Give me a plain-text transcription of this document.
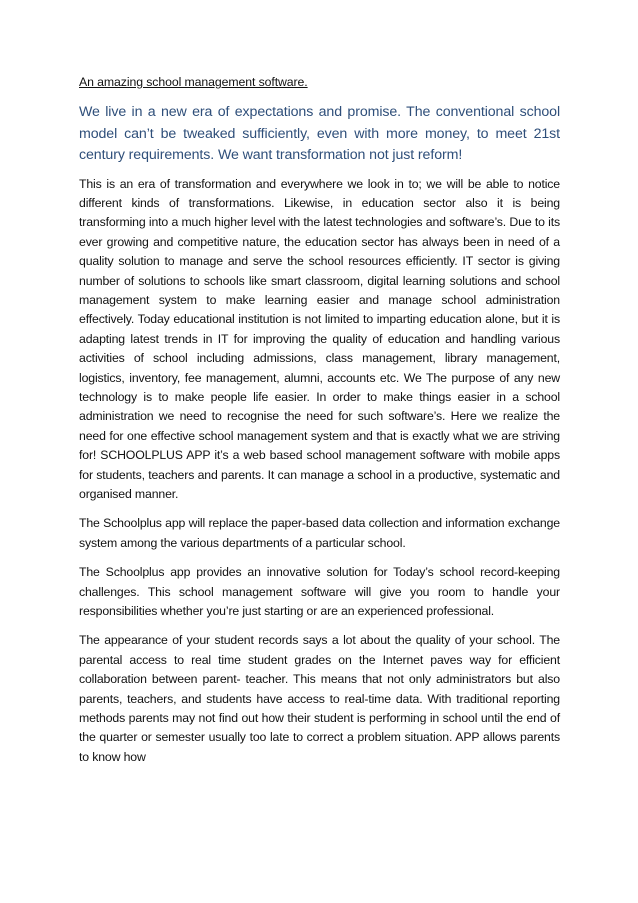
An amazing school management software.
We live in a new era of expectations and promise. The conventional school model can’t be tweaked sufficiently, even with more money, to meet 21st century requirements. We want transformation not just reform!
This is an era of transformation and everywhere we look in to; we will be able to notice different kinds of transformations. Likewise, in education sector also it is being transforming into a much higher level with the latest technologies and software’s. Due to its ever growing and competitive nature, the education sector has always been in need of a quality solution to manage and serve the school resources efficiently. IT sector is giving number of solutions to schools like smart classroom, digital learning solutions and school management system to make learning easier and manage school administration effectively. Today educational institution is not limited to imparting education alone, but it is adapting latest trends in IT for improving the quality of education and handling various activities of school including admissions, class management, library management, logistics, inventory, fee management, alumni, accounts etc. We The purpose of any new technology is to make people life easier. In order to make things easier in a school administration we need to recognise the need for such software’s. Here we realize the need for one effective school management system and that is exactly what we are striving for! SCHOOLPLUS APP it’s a web based school management software with mobile apps for students, teachers and parents. It can manage a school in a productive, systematic and organised manner.
The Schoolplus app will replace the paper-based data collection and information exchange system among the various departments of a particular school.
The Schoolplus app provides an innovative solution for Today’s school record-keeping challenges. This school management software will give you room to handle your responsibilities whether you’re just starting or are an experienced professional.
The appearance of your student records says a lot about the quality of your school. The parental access to real time student grades on the Internet paves way for efficient collaboration between parent- teacher. This means that not only administrators but also parents, teachers, and students have access to real-time data. With traditional reporting methods parents may not find out how their student is performing in school until the end of the quarter or semester usually too late to correct a problem situation. APP allows parents to know how
